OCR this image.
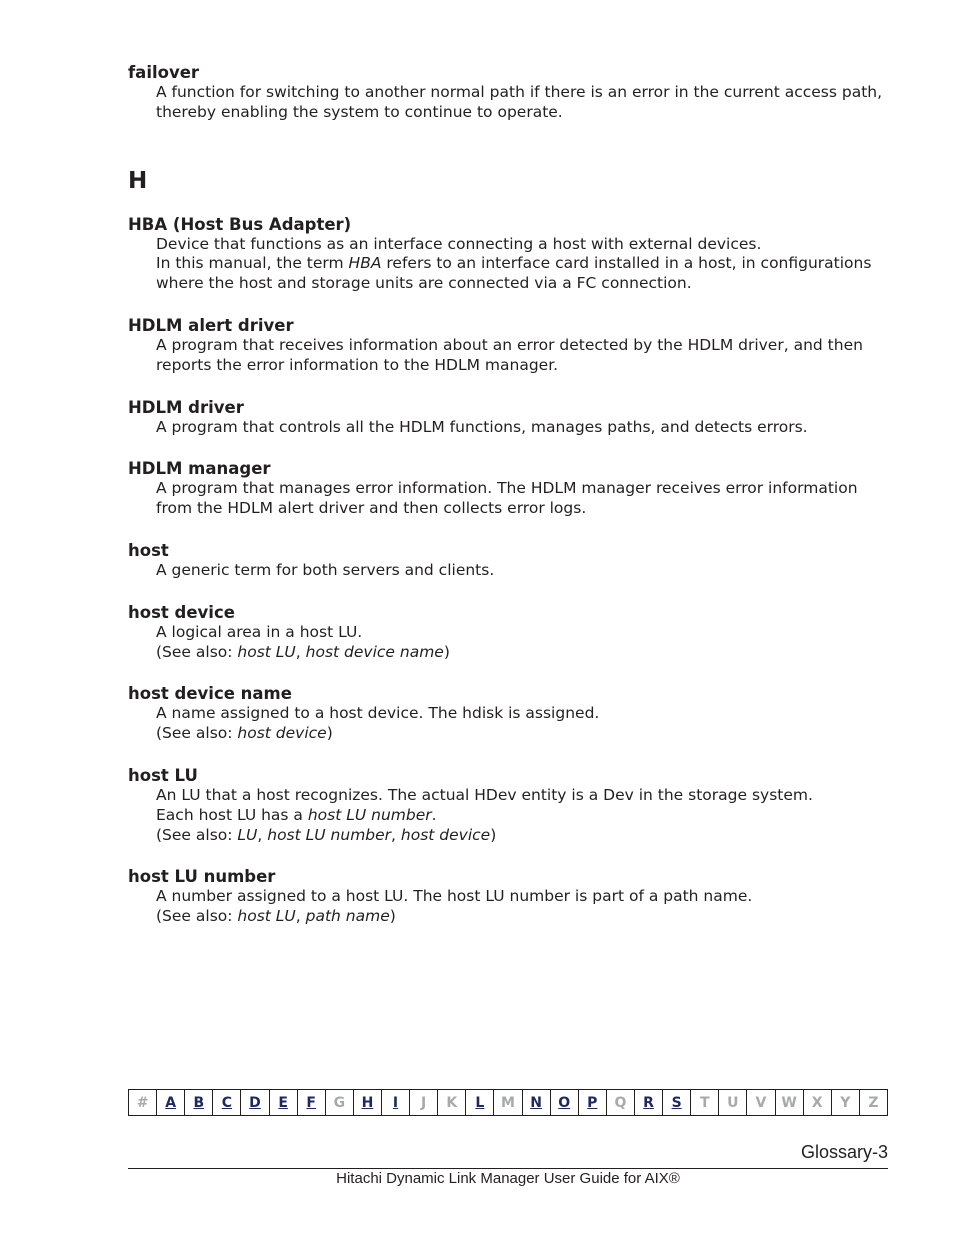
failover

A function for switching to another normal path if there is an error in the current access path, thereby enabling the system to continue to operate.

H

HBA (Host Bus Adapter)

Device that functions as an interface connecting a host with external devices.

In this manual, the term HBA refers to an interface card installed in a host, in configurations where the host and storage units are connected via a FC connection.

HDLM alert driver

A program that receives information about an error detected by the HDLM driver, and then reports the error information to the HDLM manager.

HDLM driver

A program that controls all the HDLM functions, manages paths, and detects errors.

HDLM manager

A program that manages error information. The HDLM manager receives error information from the HDLM alert driver and then collects error logs.

host

A generic term for both servers and clients.

host device

A logical area in a host LU.

(See also: host LU, host device name)

host device name

A name assigned to a host device. The hdisk is assigned.

(See also: host device)

host LU

An LU that a host recognizes. The actual HDev entity is a Dev in the storage system.

Each host LU has a host LU number.

(See also: LU, host LU number, host device)

host LU number

A number assigned to a host LU. The host LU number is part of a path name.

(See also: host LU, path name)

#	A	B	C	D	E	F	G	H	I	J	K	L	M	N	O	P	Q	R	S	T	U	V	W	X	Y	Z
Glossary-3
Hitachi Dynamic Link Manager User Guide for AIX®
